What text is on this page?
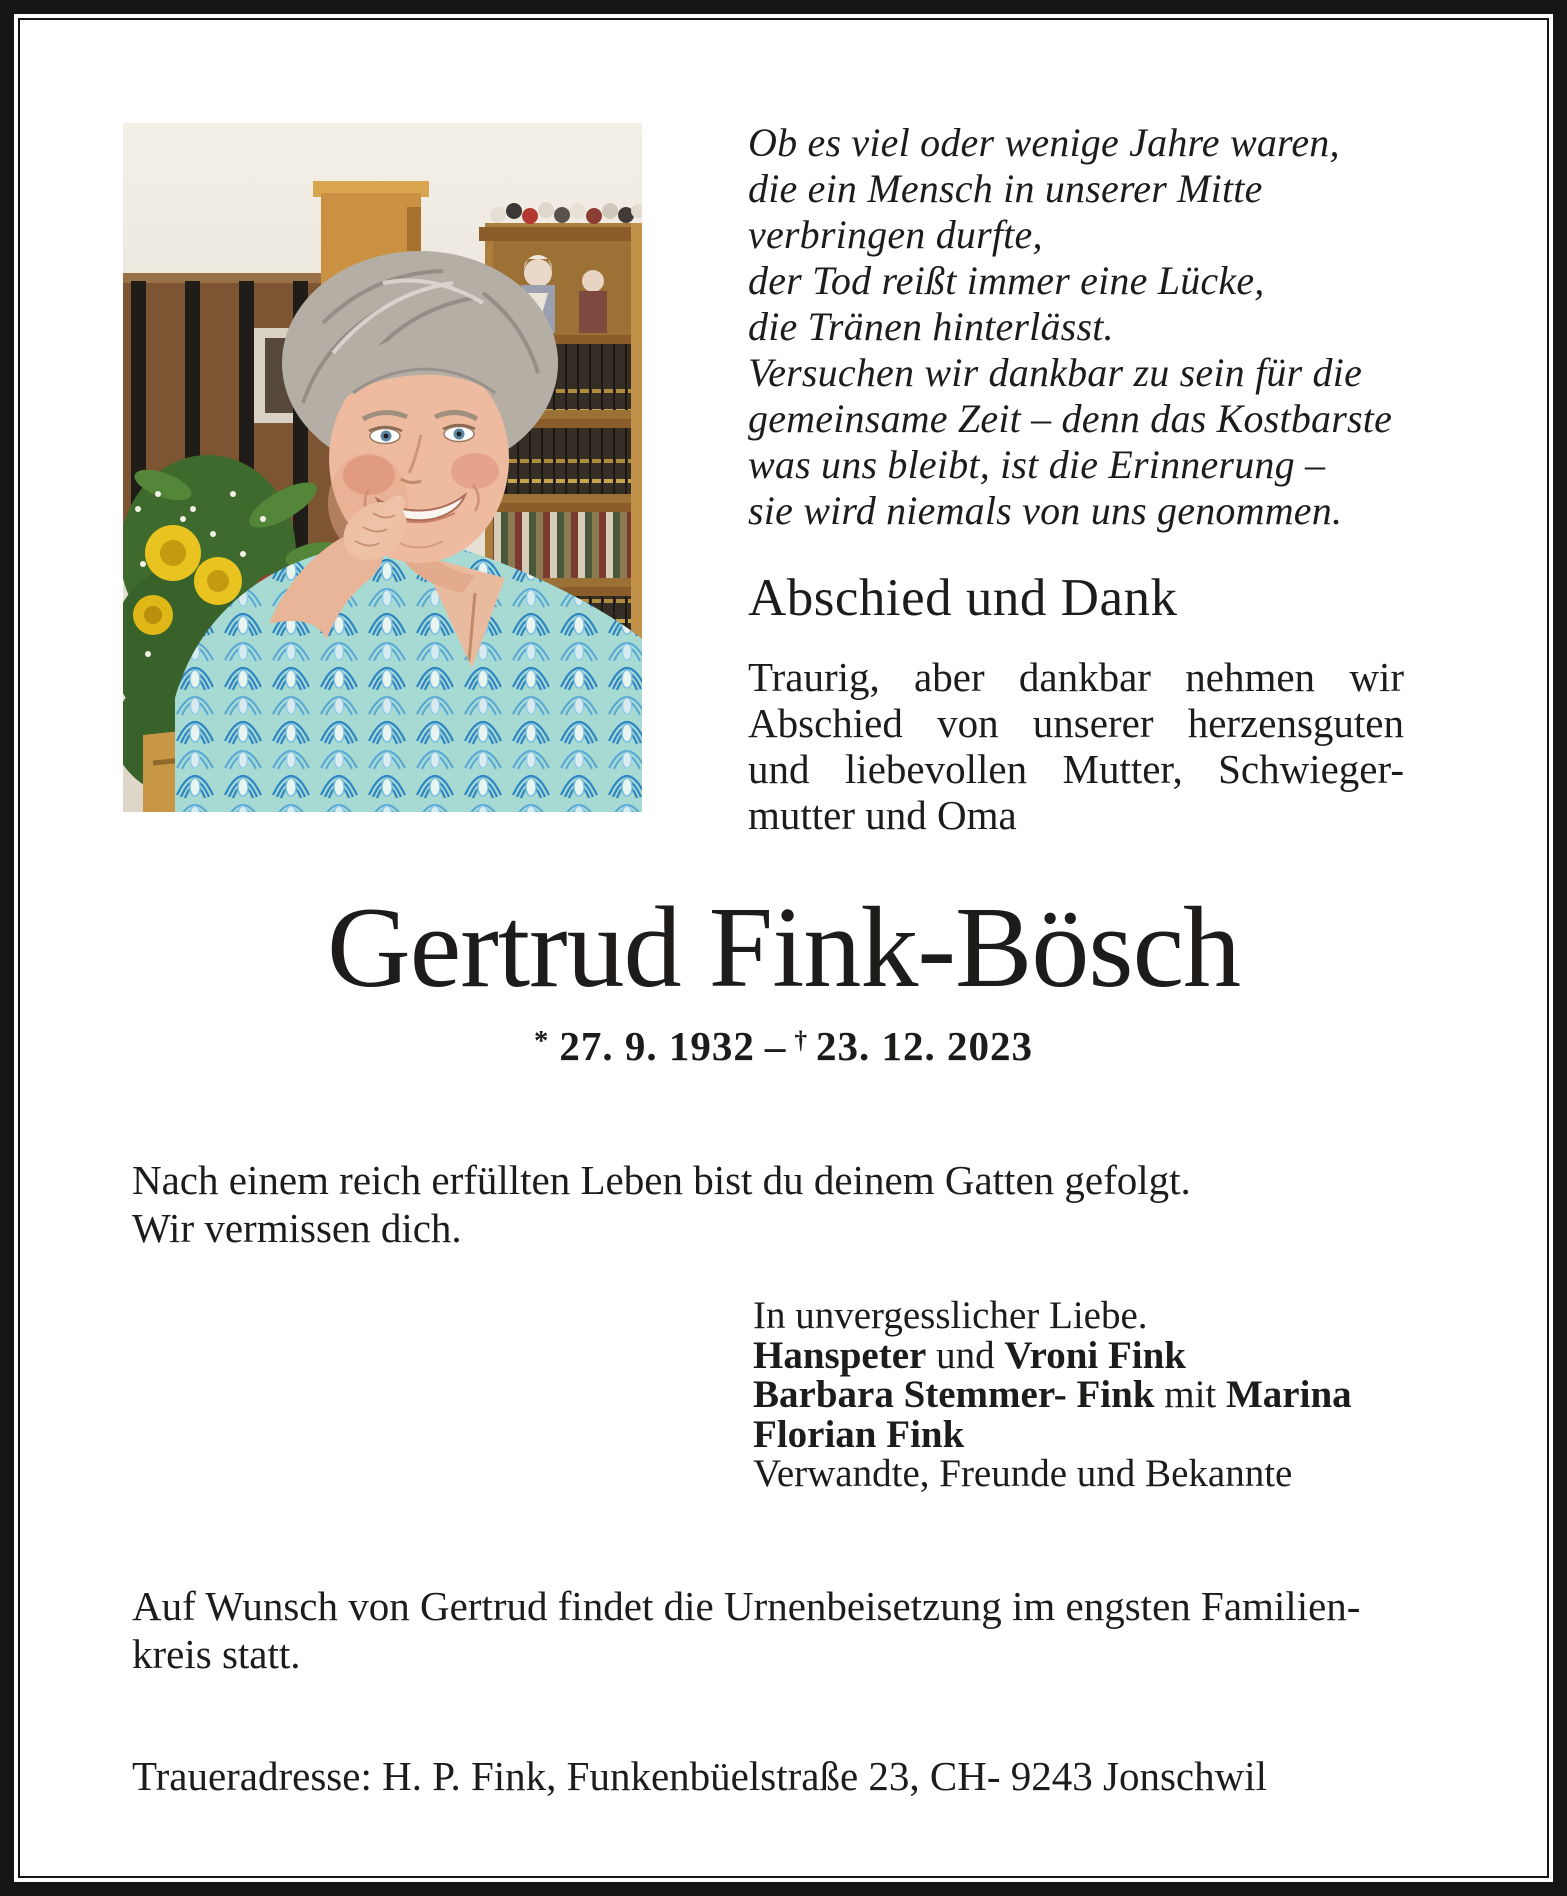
Ob es viel oder wenige Jahre waren,
die ein Mensch in unserer Mitte
verbringen durfte,
der Tod reißt immer eine Lücke,
die Tränen hinterlässt.
Versuchen wir dankbar zu sein für die
gemeinsame Zeit – denn das Kostbarste
was uns bleibt, ist die Erinnerung –
sie wird niemals von uns genommen.
Abschied und Dank
Traurig, aber dankbar nehmen wir
Abschied von unserer herzensguten
und liebevollen Mutter, Schwieger-
mutter und Oma
Gertrud Fink-Bösch
* 27. 9. 1932 – † 23. 12. 2023
Nach einem reich erfüllten Leben bist du deinem Gatten gefolgt.
Wir vermissen dich.
In unvergesslicher Liebe.
Hanspeter und Vroni Fink
Barbara Stemmer- Fink mit Marina
Florian Fink
Verwandte, Freunde und Bekannte
Auf Wunsch von Gertrud findet die Urnenbeisetzung im engsten Familien-
kreis statt.
Traueradresse: H. P. Fink, Funkenbüelstraße 23, CH- 9243 Jonschwil
